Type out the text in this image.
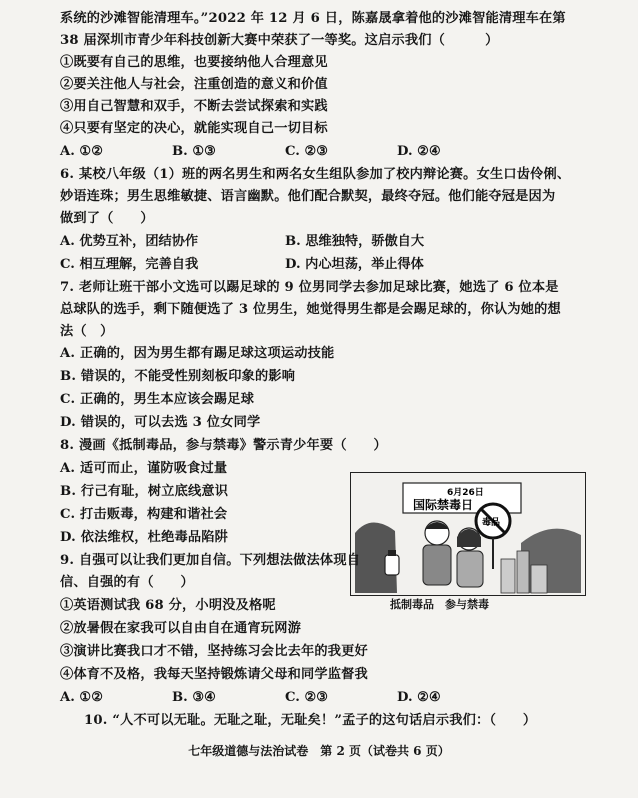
系统的沙滩智能清理车。”2022 年 12 月 6 日，陈嘉晟拿着他的沙滩智能清理车在第
38 届深圳市青少年科技创新大赛中荣获了一等奖。这启示我们（　　　）
①既要有自己的思维，也要接纳他人合理意见
②要关注他人与社会，注重创造的意义和价值
③用自己智慧和双手，不断去尝试探索和实践
④只要有坚定的决心，就能实现自己一切目标
A. ①②	B. ①③	C. ②③	D. ②④
6. 某校八年级（1）班的两名男生和两名女生组队参加了校内辩论赛。女生口齿伶俐、
妙语连珠；男生思维敏捷、语言幽默。他们配合默契，最终夺冠。他们能夺冠是因为
做到了（　　）
A. 优势互补，团结协作	B. 思维独特，骄傲自大
C. 相互理解，完善自我	D. 内心坦荡，举止得体
7. 老师让班干部小文选可以踢足球的 9 位男同学去参加足球比赛，她选了 6 位本是
总球队的选手，剩下随便选了 3 位男生，她觉得男生都是会踢足球的，你认为她的想
法（　）
A. 正确的，因为男生都有踢足球这项运动技能
B. 错误的，不能受性别刻板印象的影响
C. 正确的，男生本应该会踢足球
D. 错误的，可以去选 3 位女同学
8. 漫画《抵制毒品，参与禁毒》警示青少年要（　　）
A. 适可而止，谨防吸食过量
B. 行己有耻，树立底线意识
C. 打击贩毒，构建和谐社会
D. 依法维权，杜绝毒品陷阱
6月26日
国际禁毒日
毒品
抵制毒品　参与禁毒
9. 自强可以让我们更加自信。下列想法做法体现自
信、自强的有（　　）
①英语测试我 68 分，小明没及格呢
②放暑假在家我可以自由自在通宵玩网游
③演讲比赛我口才不错，坚持练习会比去年的我更好
④体育不及格，我每天坚持锻炼请父母和同学监督我
A. ①②	B. ③④	C. ②③	D. ②④
10. “人不可以无耻。无耻之耻，无耻矣！”孟子的这句话启示我们：（　　）
七年级道德与法治试卷　第 2 页（试卷共 6 页）
